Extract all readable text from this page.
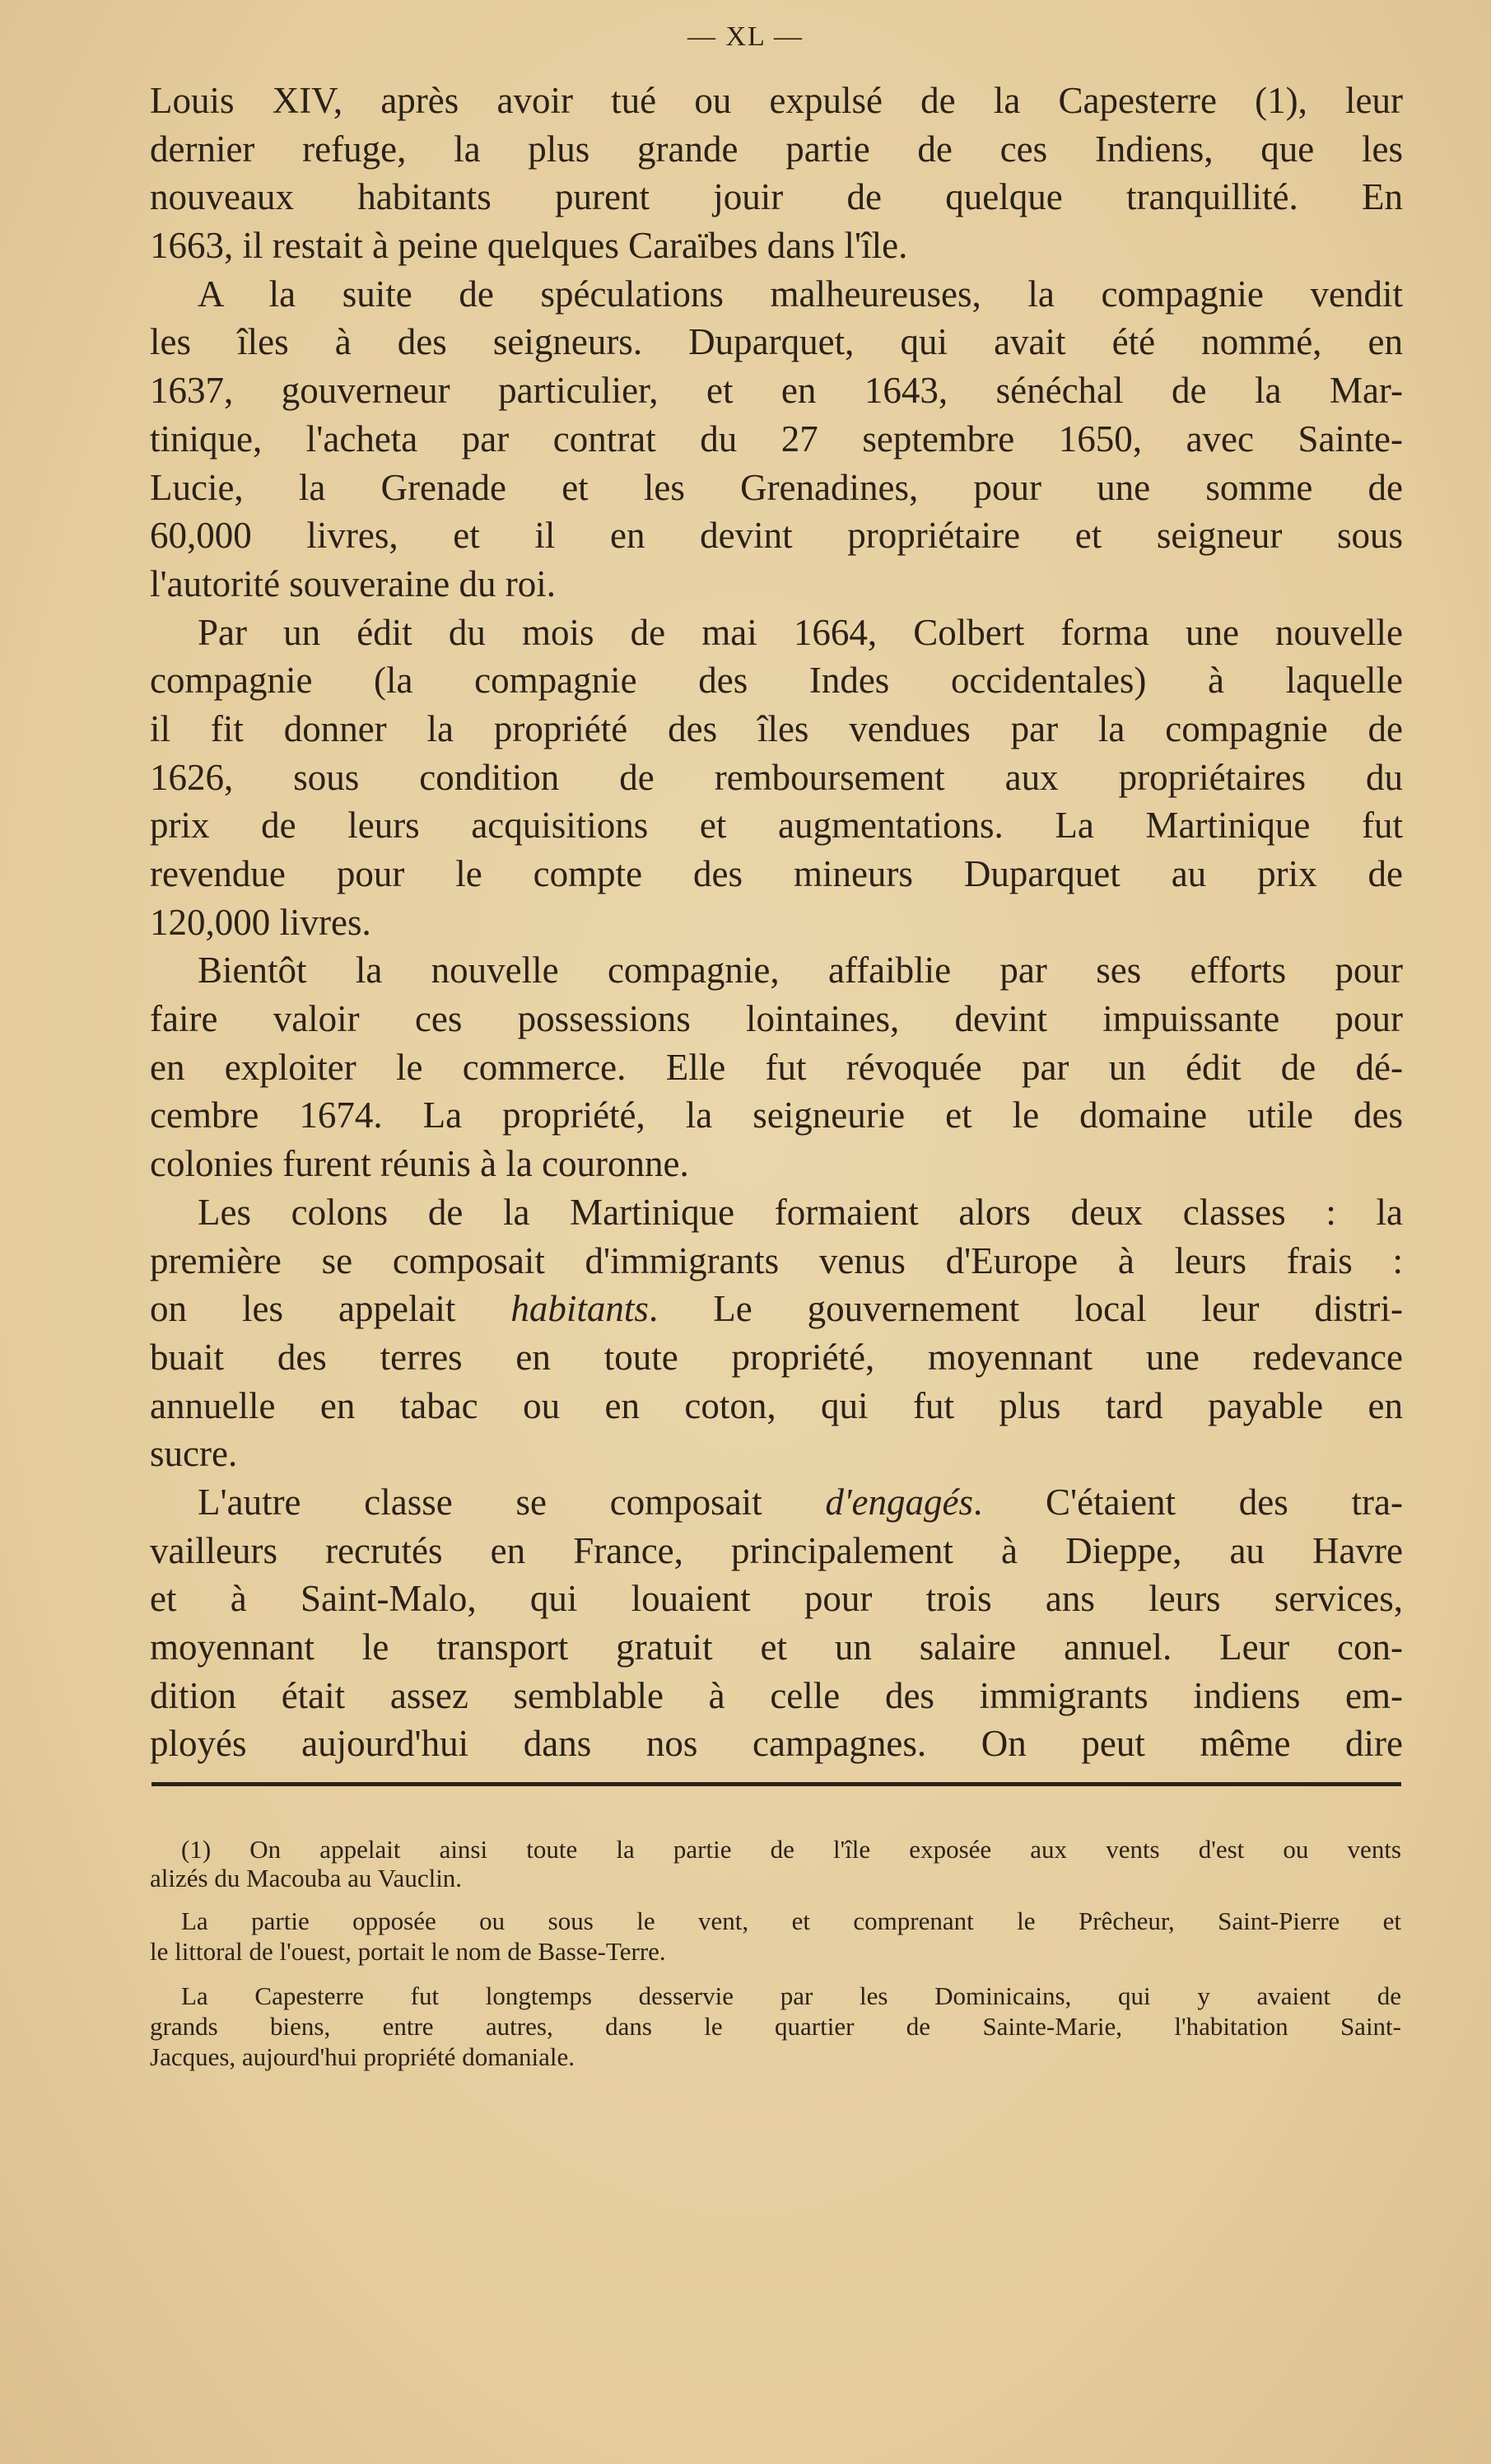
— XL —
Louis XIV, après avoir tué ou expulsé de la Capesterre (1), leur
dernier refuge, la plus grande partie de ces Indiens, que les
nouveaux habitants purent jouir de quelque tranquillité. En
1663, il restait à peine quelques Caraïbes dans l'île.
A la suite de spéculations malheureuses, la compagnie vendit
les îles à des seigneurs. Duparquet, qui avait été nommé, en
1637, gouverneur particulier, et en 1643, sénéchal de la Mar-
tinique, l'acheta par contrat du 27 septembre 1650, avec Sainte-
Lucie, la Grenade et les Grenadines, pour une somme de
60,000 livres, et il en devint propriétaire et seigneur sous
l'autorité souveraine du roi.
Par un édit du mois de mai 1664, Colbert forma une nouvelle
compagnie (la compagnie des Indes occidentales) à laquelle
il fit donner la propriété des îles vendues par la compagnie de
1626, sous condition de remboursement aux propriétaires du
prix de leurs acquisitions et augmentations. La Martinique fut
revendue pour le compte des mineurs Duparquet au prix de
120,000 livres.
Bientôt la nouvelle compagnie, affaiblie par ses efforts pour
faire valoir ces possessions lointaines, devint impuissante pour
en exploiter le commerce. Elle fut révoquée par un édit de dé-
cembre 1674. La propriété, la seigneurie et le domaine utile des
colonies furent réunis à la couronne.
Les colons de la Martinique formaient alors deux classes : la
première se composait d'immigrants venus d'Europe à leurs frais :
on les appelait habitants. Le gouvernement local leur distri-
buait des terres en toute propriété, moyennant une redevance
annuelle en tabac ou en coton, qui fut plus tard payable en
sucre.
L'autre classe se composait d'engagés. C'étaient des tra-
vailleurs recrutés en France, principalement à Dieppe, au Havre
et à Saint-Malo, qui louaient pour trois ans leurs services,
moyennant le transport gratuit et un salaire annuel. Leur con-
dition était assez semblable à celle des immigrants indiens em-
ployés aujourd'hui dans nos campagnes. On peut même dire
(1) On appelait ainsi toute la partie de l'île exposée aux vents d'est ou vents
alizés du Macouba au Vauclin.
La partie opposée ou sous le vent, et comprenant le Prêcheur, Saint-Pierre et
le littoral de l'ouest, portait le nom de Basse-Terre.
La Capesterre fut longtemps desservie par les Dominicains, qui y avaient de
grands biens, entre autres, dans le quartier de Sainte-Marie, l'habitation Saint-
Jacques, aujourd'hui propriété domaniale.
